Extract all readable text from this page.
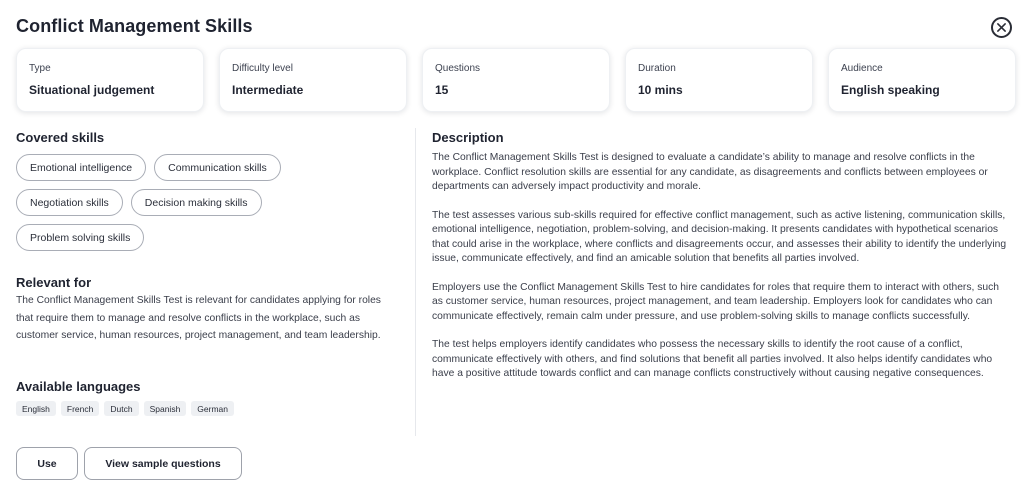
Conflict Management Skills
Type
Situational judgement
Difficulty level
Intermediate
Questions
15
Duration
10 mins
Audience
English speaking
Covered skills
Emotional intelligence	Communication skills
Negotiation skills	Decision making skills
Problem solving skills
Relevant for
The Conflict Management Skills Test is relevant for candidates applying for roles that require them to manage and resolve conflicts in the workplace, such as customer service, human resources, project management, and team leadership.
Available languages
English	French	Dutch	Spanish	German
Description

The Conflict Management Skills Test is designed to evaluate a candidate’s ability to manage and resolve conflicts in the workplace. Conflict resolution skills are essential for any candidate, as disagreements and conflicts between employees or departments can adversely impact productivity and morale.

The test assesses various sub-skills required for effective conflict management, such as active listening, communication skills, emotional intelligence, negotiation, problem-solving, and decision-making. It presents candidates with hypothetical scenarios that could arise in the workplace, where conflicts and disagreements occur, and assesses their ability to identify the underlying issue, communicate effectively, and find an amicable solution that benefits all parties involved.

Employers use the Conflict Management Skills Test to hire candidates for roles that require them to interact with others, such as customer service, human resources, project management, and team leadership. Employers look for candidates who can communicate effectively, remain calm under pressure, and use problem-solving skills to manage conflicts successfully.

The test helps employers identify candidates who possess the necessary skills to identify the root cause of a conflict, communicate effectively with others, and find solutions that benefit all parties involved. It also helps identify candidates who have a positive attitude towards conflict and can manage conflicts constructively without causing negative consequences.

Use	View sample questions
